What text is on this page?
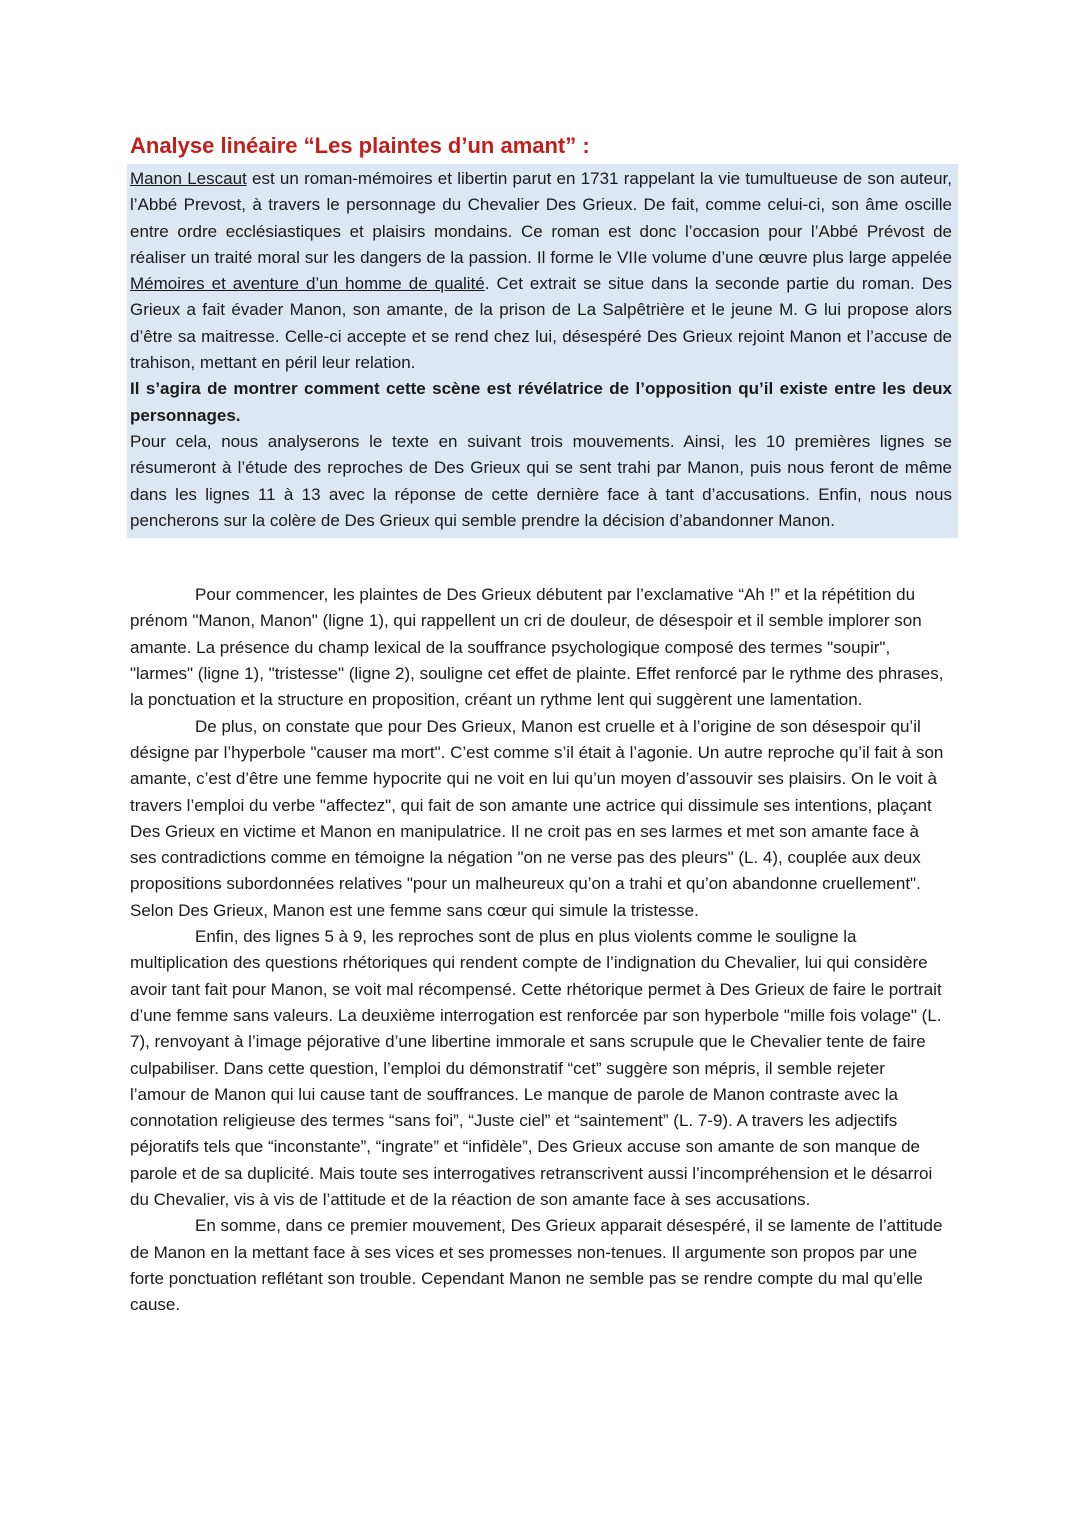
Analyse linéaire “Les plaintes d’un amant” :

Manon Lescaut est un roman-mémoires et libertin parut en 1731 rappelant la vie tumultueuse de son auteur, l’Abbé Prevost, à travers le personnage du Chevalier Des Grieux. De fait, comme celui-ci, son âme oscille entre ordre ecclésiastiques et plaisirs mondains. Ce roman est donc l’occasion pour l’Abbé Prévost de réaliser un traité moral sur les dangers de la passion. Il forme le VIIe volume d’une œuvre plus large appelée Mémoires et aventure d’un homme de qualité. Cet extrait se situe dans la seconde partie du roman. Des Grieux a fait évader Manon, son amante, de la prison de La Salpêtrière et le jeune M. G lui propose alors d’être sa maitresse. Celle-ci accepte et se rend chez lui, désespéré Des Grieux rejoint Manon et l’accuse de trahison, mettant en péril leur relation.

Il s’agira de montrer comment cette scène est révélatrice de l’opposition qu’il existe entre les deux personnages.

Pour cela, nous analyserons le texte en suivant trois mouvements. Ainsi, les 10 premières lignes se résumeront à l’étude des reproches de Des Grieux qui se sent trahi par Manon, puis nous feront de même dans les lignes 11 à 13 avec la réponse de cette dernière face à tant d’accusations. Enfin, nous nous pencherons sur la colère de Des Grieux qui semble prendre la décision d’abandonner Manon.

Pour commencer, les plaintes de Des Grieux débutent par l’exclamative “Ah !” et la répétition du prénom "Manon, Manon" (ligne 1), qui rappellent un cri de douleur, de désespoir et il semble implorer son amante. La présence du champ lexical de la souffrance psychologique composé des termes "soupir", "larmes" (ligne 1), "tristesse" (ligne 2), souligne cet effet de plainte. Effet renforcé par le rythme des phrases, la ponctuation et la structure en proposition, créant un rythme lent qui suggèrent une lamentation.

De plus, on constate que pour Des Grieux, Manon est cruelle et à l’origine de son désespoir qu’il désigne par l’hyperbole "causer ma mort". C’est comme s’il était à l’agonie. Un autre reproche qu’il fait à son amante, c’est d’être une femme hypocrite qui ne voit en lui qu’un moyen d’assouvir ses plaisirs. On le voit à travers l’emploi du verbe "affectez", qui fait de son amante une actrice qui dissimule ses intentions, plaçant Des Grieux en victime et Manon en manipulatrice. Il ne croit pas en ses larmes et met son amante face à ses contradictions comme en témoigne la négation "on ne verse pas des pleurs" (L. 4), couplée aux deux propositions subordonnées relatives "pour un malheureux qu’on a trahi et qu’on abandonne cruellement". Selon Des Grieux, Manon est une femme sans cœur qui simule la tristesse.

Enfin, des lignes 5 à 9, les reproches sont de plus en plus violents comme le souligne la multiplication des questions rhétoriques qui rendent compte de l’indignation du Chevalier, lui qui considère avoir tant fait pour Manon, se voit mal récompensé. Cette rhétorique permet à Des Grieux de faire le portrait d’une femme sans valeurs. La deuxième interrogation est renforcée par son hyperbole "mille fois volage" (L. 7), renvoyant à l’image péjorative d’une libertine immorale et sans scrupule que le Chevalier tente de faire culpabiliser. Dans cette question, l’emploi du démonstratif “cet” suggère son mépris, il semble rejeter l’amour de Manon qui lui cause tant de souffrances. Le manque de parole de Manon contraste avec la connotation religieuse des termes “sans foi”, “Juste ciel” et “saintement” (L. 7-9). A travers les adjectifs péjoratifs tels que “inconstante”, “ingrate” et “infidèle”, Des Grieux accuse son amante de son manque de parole et de sa duplicité. Mais toute ses interrogatives retranscrivent aussi l’incompréhension et le désarroi du Chevalier, vis à vis de l’attitude et de la réaction de son amante face à ses accusations.

En somme, dans ce premier mouvement, Des Grieux apparait désespéré, il se lamente de l’attitude de Manon en la mettant face à ses vices et ses promesses non-tenues. Il argumente son propos par une forte ponctuation reflétant son trouble. Cependant Manon ne semble pas se rendre compte du mal qu’elle cause.
